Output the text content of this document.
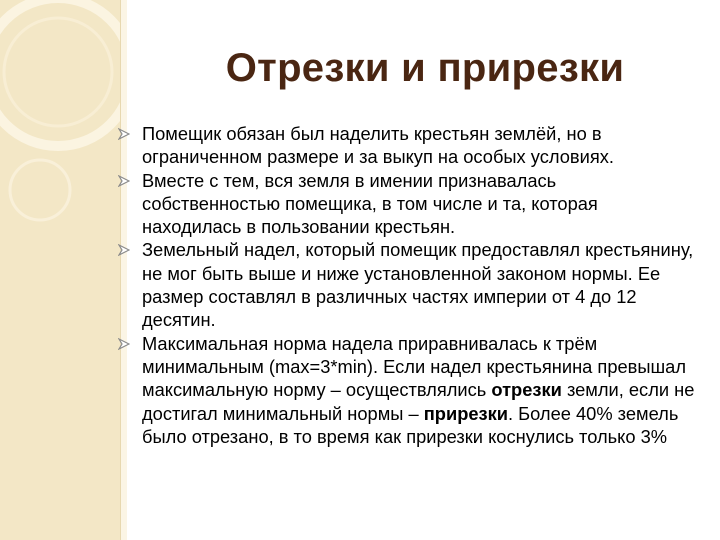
Отрезки и прирезки

Помещик обязан был наделить крестьян землёй, но в ограниченном размере и за выкуп на особых условиях.

Вместе с тем, вся земля в имении признавалась собственностью помещика, в том числе и та, которая находилась в пользовании крестьян.

Земельный надел, который помещик предоставлял крестьянину, не мог быть выше и ниже установленной законом нормы. Ее размер составлял в различных частях империи от 4 до 12 десятин.

Максимальная норма надела приравнивалась к трём минимальным (max=3*min). Если надел крестьянина превышал максимальную норму – осуществлялись отрезки земли, если не достигал минимальный нормы – прирезки. Более 40% земель было отрезано, в то время как прирезки коснулись только 3%
